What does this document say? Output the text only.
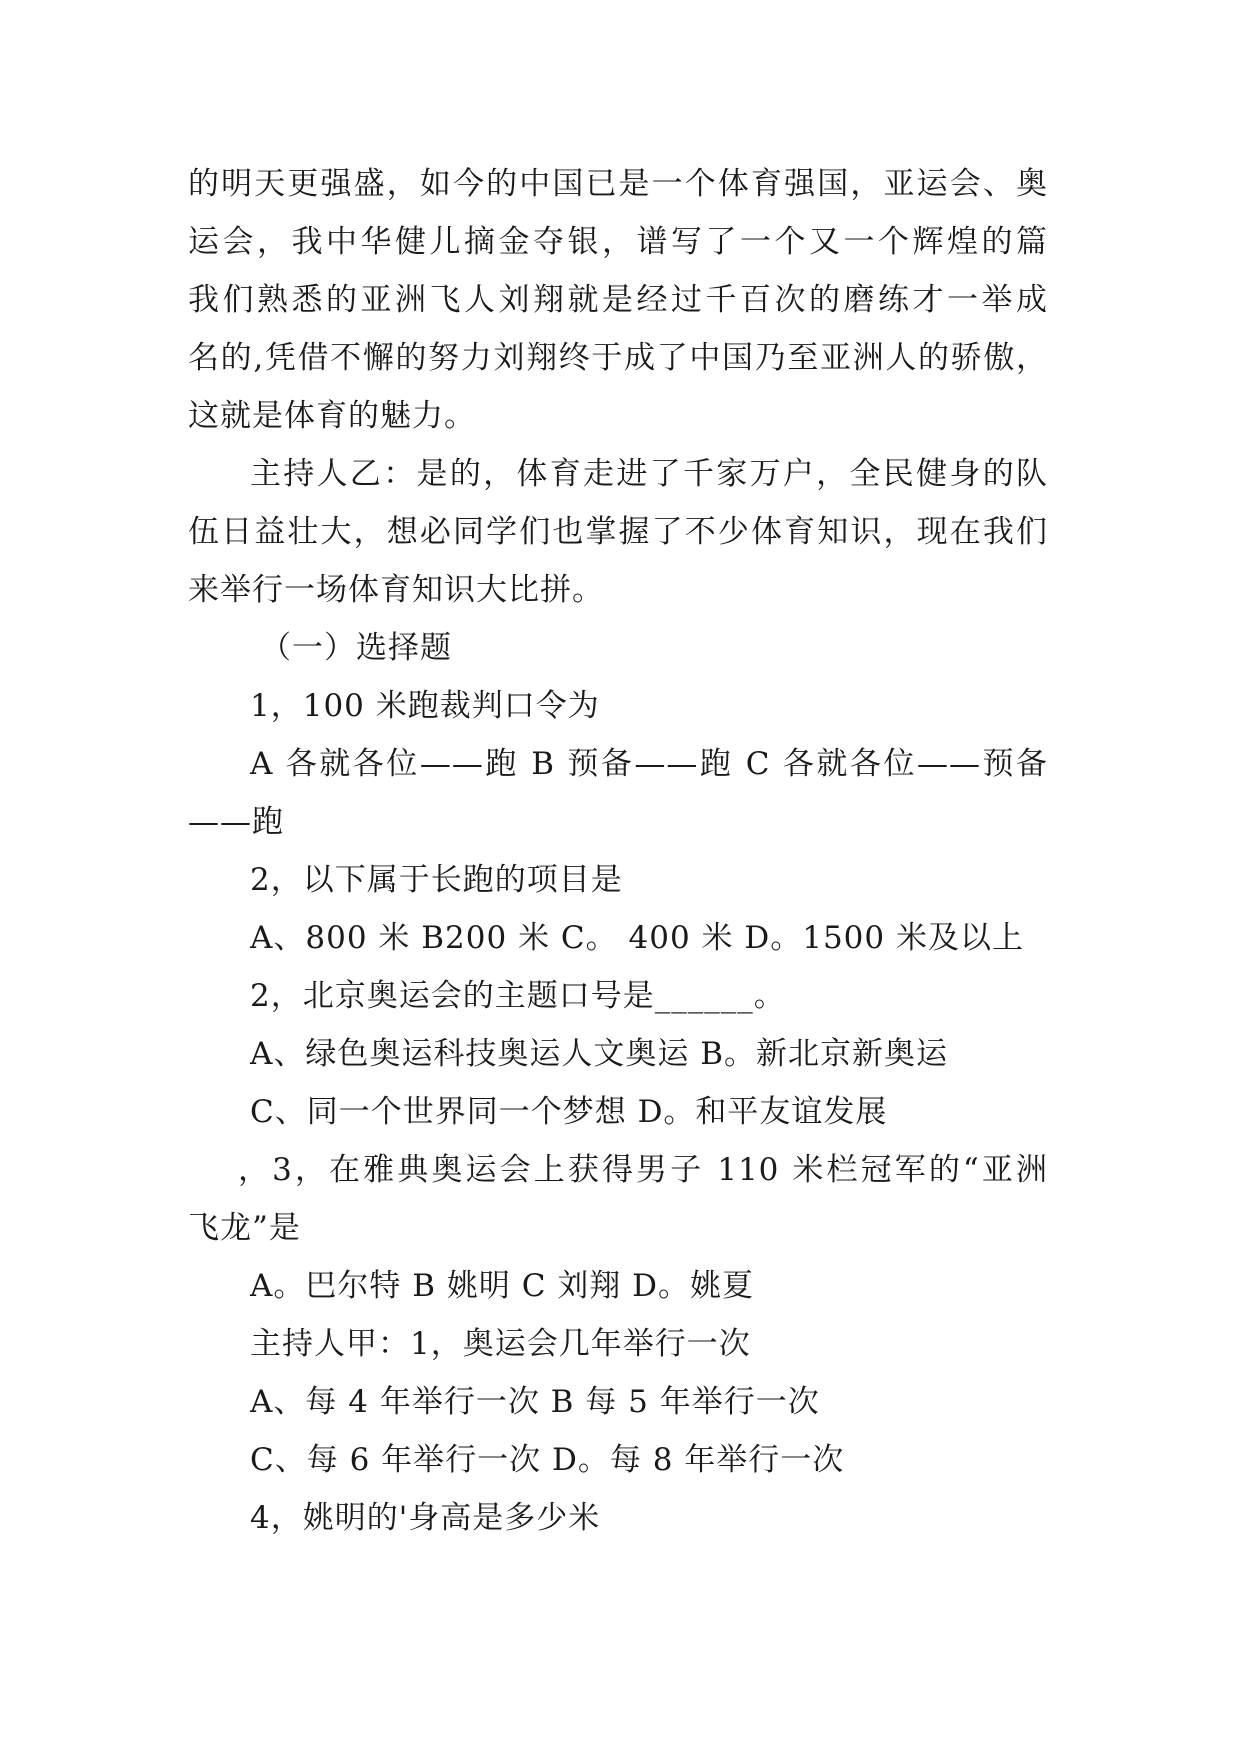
的明天更强盛，如今的中国已是一个体育强国，亚运会、奥
运会，我中华健儿摘金夺银，谱写了一个又一个辉煌的篇
我们熟悉的亚洲飞人刘翔就是经过千百次的磨练才一举成
名的,凭借不懈的努力刘翔终于成了中国乃至亚洲人的骄傲，
这就是体育的魅力。
主持人乙：是的，体育走进了千家万户，全民健身的队
伍日益壮大，想必同学们也掌握了不少体育知识，现在我们
来举行一场体育知识大比拼。
（一）选择题
1，100 米跑裁判口令为
A 各就各位——跑 B 预备——跑 C 各就各位——预备
——跑
2，以下属于长跑的项目是
A、800 米 B200 米 C。 400 米 D。1500 米及以上
2，北京奥运会的主题口号是______。
A、绿色奥运科技奥运人文奥运 B。新北京新奥运
C、同一个世界同一个梦想 D。和平友谊发展
，3，在雅典奥运会上获得男子 110 米栏冠军的“亚洲
飞龙”是
A。巴尔特 B 姚明 C 刘翔 D。姚夏
主持人甲：1，奥运会几年举行一次
A、每 4 年举行一次 B 每 5 年举行一次
C、每 6 年举行一次 D。每 8 年举行一次
4，姚明的'身高是多少米
